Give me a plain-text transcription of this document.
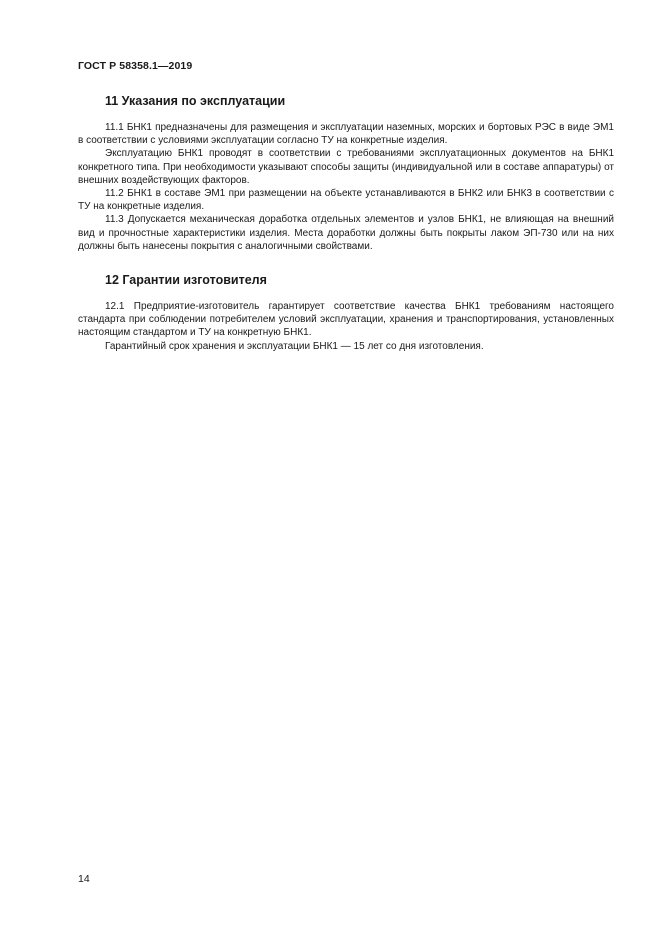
ГОСТ Р 58358.1—2019
11 Указания по эксплуатации

11.1 БНК1 предназначены для размещения и эксплуатации наземных, морских и бортовых РЭС в виде ЭМ1 в соответствии с условиями эксплуатации согласно ТУ на конкретные изделия.

Эксплуатацию БНК1 проводят в соответствии с требованиями эксплуатационных документов на БНК1 конкретного типа. При необходимости указывают способы защиты (индивидуальной или в составе аппаратуры) от внешних воздействующих факторов.

11.2 БНК1 в составе ЭМ1 при размещении на объекте устанавливаются в БНК2 или БНК3 в соответствии с ТУ на конкретные изделия.

11.3 Допускается механическая доработка отдельных элементов и узлов БНК1, не влияющая на внешний вид и прочностные характеристики изделия. Места доработки должны быть покрыты лаком ЭП-730 или на них должны быть нанесены покрытия с аналогичными свойствами.

12 Гарантии изготовителя

12.1 Предприятие-изготовитель гарантирует соответствие качества БНК1 требованиям настоящего стандарта при соблюдении потребителем условий эксплуатации, хранения и транспортирования, установленных настоящим стандартом и ТУ на конкретную БНК1.

Гарантийный срок хранения и эксплуатации БНК1 — 15 лет со дня изготовления.

14
